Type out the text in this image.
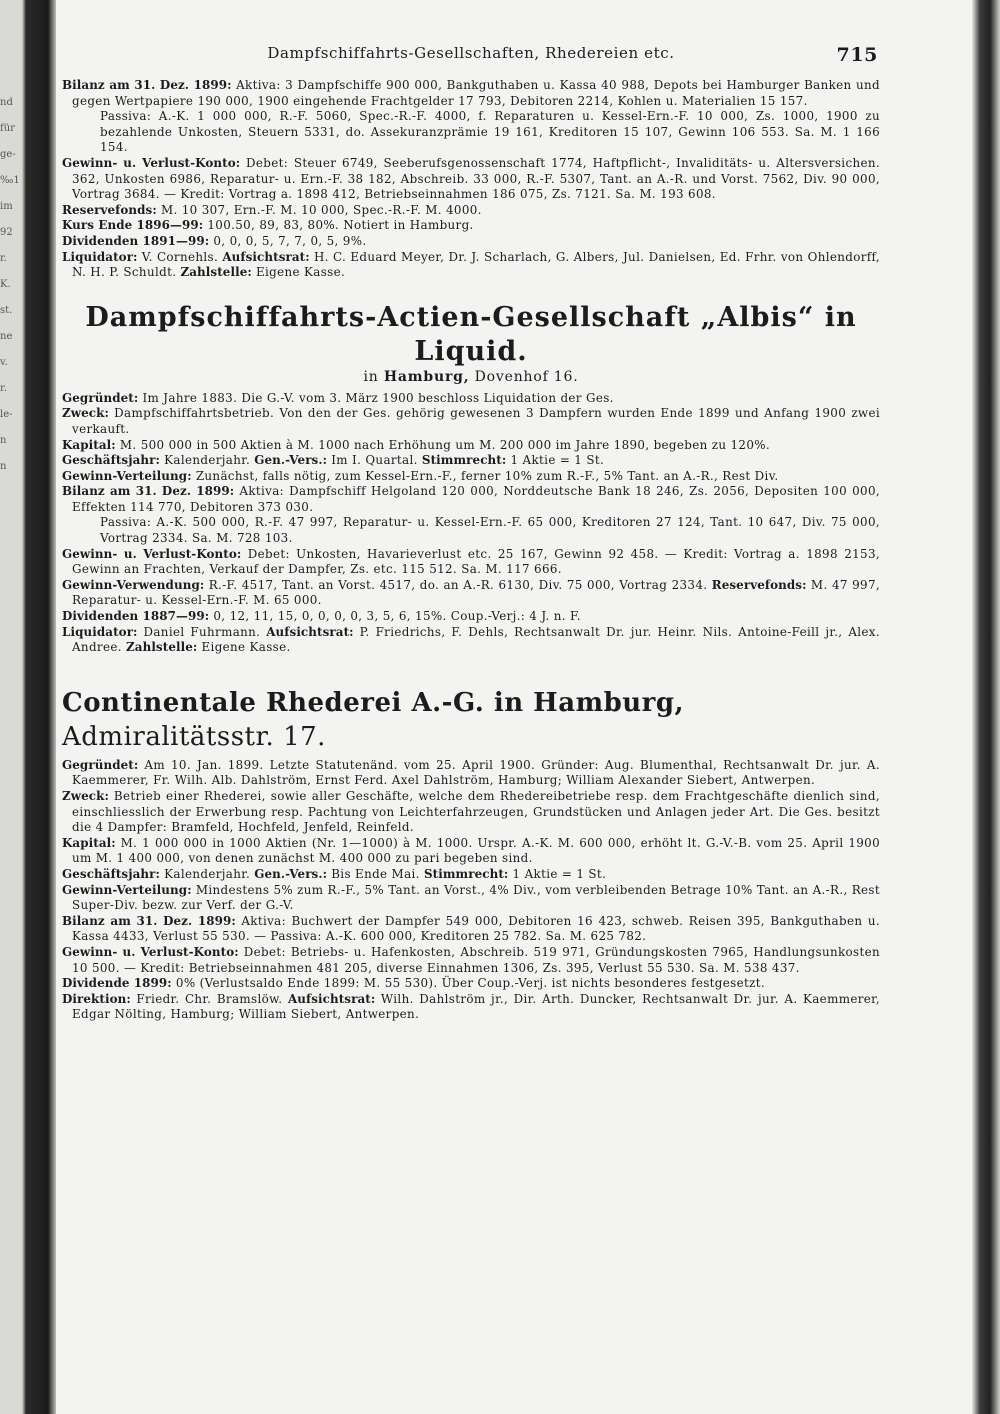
nd
für
ge-
‰1
im
92
r.
K.
st.
ne
v.
r.
le-
n
n
Dampfschiffahrts-Gesellschaften, Rhedereien etc.	715

Bilanz am 31. Dez. 1899: Aktiva: 3 Dampfschiffe 900 000, Bankguthaben u. Kassa 40 988, Depots bei Hamburger Banken und gegen Wertpapiere 190 000, 1900 eingehende Frachtgelder 17 793, Debitoren 2214, Kohlen u. Materialien 15 157.

Passiva: A.-K. 1 000 000, R.-F. 5060, Spec.-R.-F. 4000, f. Reparaturen u. Kessel-Ern.-F. 10 000, Zs. 1000, 1900 zu bezahlende Unkosten, Steuern 5331, do. Assekuranzprämie 19 161, Kreditoren 15 107, Gewinn 106 553. Sa. M. 1 166 154.

Gewinn- u. Verlust-Konto: Debet: Steuer 6749, Seeberufsgenossenschaft 1774, Haftpflicht-, Invaliditäts- u. Altersversichen. 362, Unkosten 6986, Reparatur- u. Ern.-F. 38 182, Abschreib. 33 000, R.-F. 5307, Tant. an A.-R. und Vorst. 7562, Div. 90 000, Vortrag 3684. — Kredit: Vortrag a. 1898 412, Betriebseinnahmen 186 075, Zs. 7121. Sa. M. 193 608.

Reservefonds: M. 10 307, Ern.-F. M. 10 000, Spec.-R.-F. M. 4000.

Kurs Ende 1896—99: 100.50, 89, 83, 80%. Notiert in Hamburg.

Dividenden 1891—99: 0, 0, 0, 5, 7, 7, 0, 5, 9%.

Liquidator: V. Cornehls. Aufsichtsrat: H. C. Eduard Meyer, Dr. J. Scharlach, G. Albers, Jul. Danielsen, Ed. Frhr. von Ohlendorff, N. H. P. Schuldt. Zahlstelle: Eigene Kasse.

Dampfschiffahrts-Actien-Gesellschaft „Albis“ in Liquid.
in Hamburg, Dovenhof 16.

Gegründet: Im Jahre 1883. Die G.-V. vom 3. März 1900 beschloss Liquidation der Ges.

Zweck: Dampfschiffahrtsbetrieb. Von den der Ges. gehörig gewesenen 3 Dampfern wurden Ende 1899 und Anfang 1900 zwei verkauft.

Kapital: M. 500 000 in 500 Aktien à M. 1000 nach Erhöhung um M. 200 000 im Jahre 1890, begeben zu 120%.

Geschäftsjahr: Kalenderjahr. Gen.-Vers.: Im I. Quartal. Stimmrecht: 1 Aktie = 1 St.

Gewinn-Verteilung: Zunächst, falls nötig, zum Kessel-Ern.-F., ferner 10% zum R.-F., 5% Tant. an A.-R., Rest Div.

Bilanz am 31. Dez. 1899: Aktiva: Dampfschiff Helgoland 120 000, Norddeutsche Bank 18 246, Zs. 2056, Depositen 100 000, Effekten 114 770, Debitoren 373 030.

Passiva: A.-K. 500 000, R.-F. 47 997, Reparatur- u. Kessel-Ern.-F. 65 000, Kreditoren 27 124, Tant. 10 647, Div. 75 000, Vortrag 2334. Sa. M. 728 103.

Gewinn- u. Verlust-Konto: Debet: Unkosten, Havarieverlust etc. 25 167, Gewinn 92 458. — Kredit: Vortrag a. 1898 2153, Gewinn an Frachten, Verkauf der Dampfer, Zs. etc. 115 512. Sa. M. 117 666.

Gewinn-Verwendung: R.-F. 4517, Tant. an Vorst. 4517, do. an A.-R. 6130, Div. 75 000, Vortrag 2334. Reservefonds: M. 47 997, Reparatur- u. Kessel-Ern.-F. M. 65 000.

Dividenden 1887—99: 0, 12, 11, 15, 0, 0, 0, 0, 3, 5, 6, 15%. Coup.-Verj.: 4 J. n. F.

Liquidator: Daniel Fuhrmann. Aufsichtsrat: P. Friedrichs, F. Dehls, Rechtsanwalt Dr. jur. Heinr. Nils. Antoine-Feill jr., Alex. Andree. Zahlstelle: Eigene Kasse.

Continentale Rhederei A.-G. in Hamburg, Admiralitätsstr. 17.

Gegründet: Am 10. Jan. 1899. Letzte Statutenänd. vom 25. April 1900. Gründer: Aug. Blumenthal, Rechtsanwalt Dr. jur. A. Kaemmerer, Fr. Wilh. Alb. Dahlström, Ernst Ferd. Axel Dahlström, Hamburg; William Alexander Siebert, Antwerpen.

Zweck: Betrieb einer Rhederei, sowie aller Geschäfte, welche dem Rhedereibetriebe resp. dem Frachtgeschäfte dienlich sind, einschliesslich der Erwerbung resp. Pachtung von Leichterfahrzeugen, Grundstücken und Anlagen jeder Art. Die Ges. besitzt die 4 Dampfer: Bramfeld, Hochfeld, Jenfeld, Reinfeld.

Kapital: M. 1 000 000 in 1000 Aktien (Nr. 1—1000) à M. 1000. Urspr. A.-K. M. 600 000, erhöht lt. G.-V.-B. vom 25. April 1900 um M. 1 400 000, von denen zunächst M. 400 000 zu pari begeben sind.

Geschäftsjahr: Kalenderjahr. Gen.-Vers.: Bis Ende Mai. Stimmrecht: 1 Aktie = 1 St.

Gewinn-Verteilung: Mindestens 5% zum R.-F., 5% Tant. an Vorst., 4% Div., vom verbleibenden Betrage 10% Tant. an A.-R., Rest Super-Div. bezw. zur Verf. der G.-V.

Bilanz am 31. Dez. 1899: Aktiva: Buchwert der Dampfer 549 000, Debitoren 16 423, schweb. Reisen 395, Bankguthaben u. Kassa 4433, Verlust 55 530. — Passiva: A.-K. 600 000, Kreditoren 25 782. Sa. M. 625 782.

Gewinn- u. Verlust-Konto: Debet: Betriebs- u. Hafenkosten, Abschreib. 519 971, Gründungskosten 7965, Handlungsunkosten 10 500. — Kredit: Betriebseinnahmen 481 205, diverse Einnahmen 1306, Zs. 395, Verlust 55 530. Sa. M. 538 437.

Dividende 1899: 0% (Verlustsaldo Ende 1899: M. 55 530). Über Coup.-Verj. ist nichts besonderes festgesetzt.

Direktion: Friedr. Chr. Bramslöw. Aufsichtsrat: Wilh. Dahlström jr., Dir. Arth. Duncker, Rechtsanwalt Dr. jur. A. Kaemmerer, Edgar Nölting, Hamburg; William Siebert, Antwerpen.
